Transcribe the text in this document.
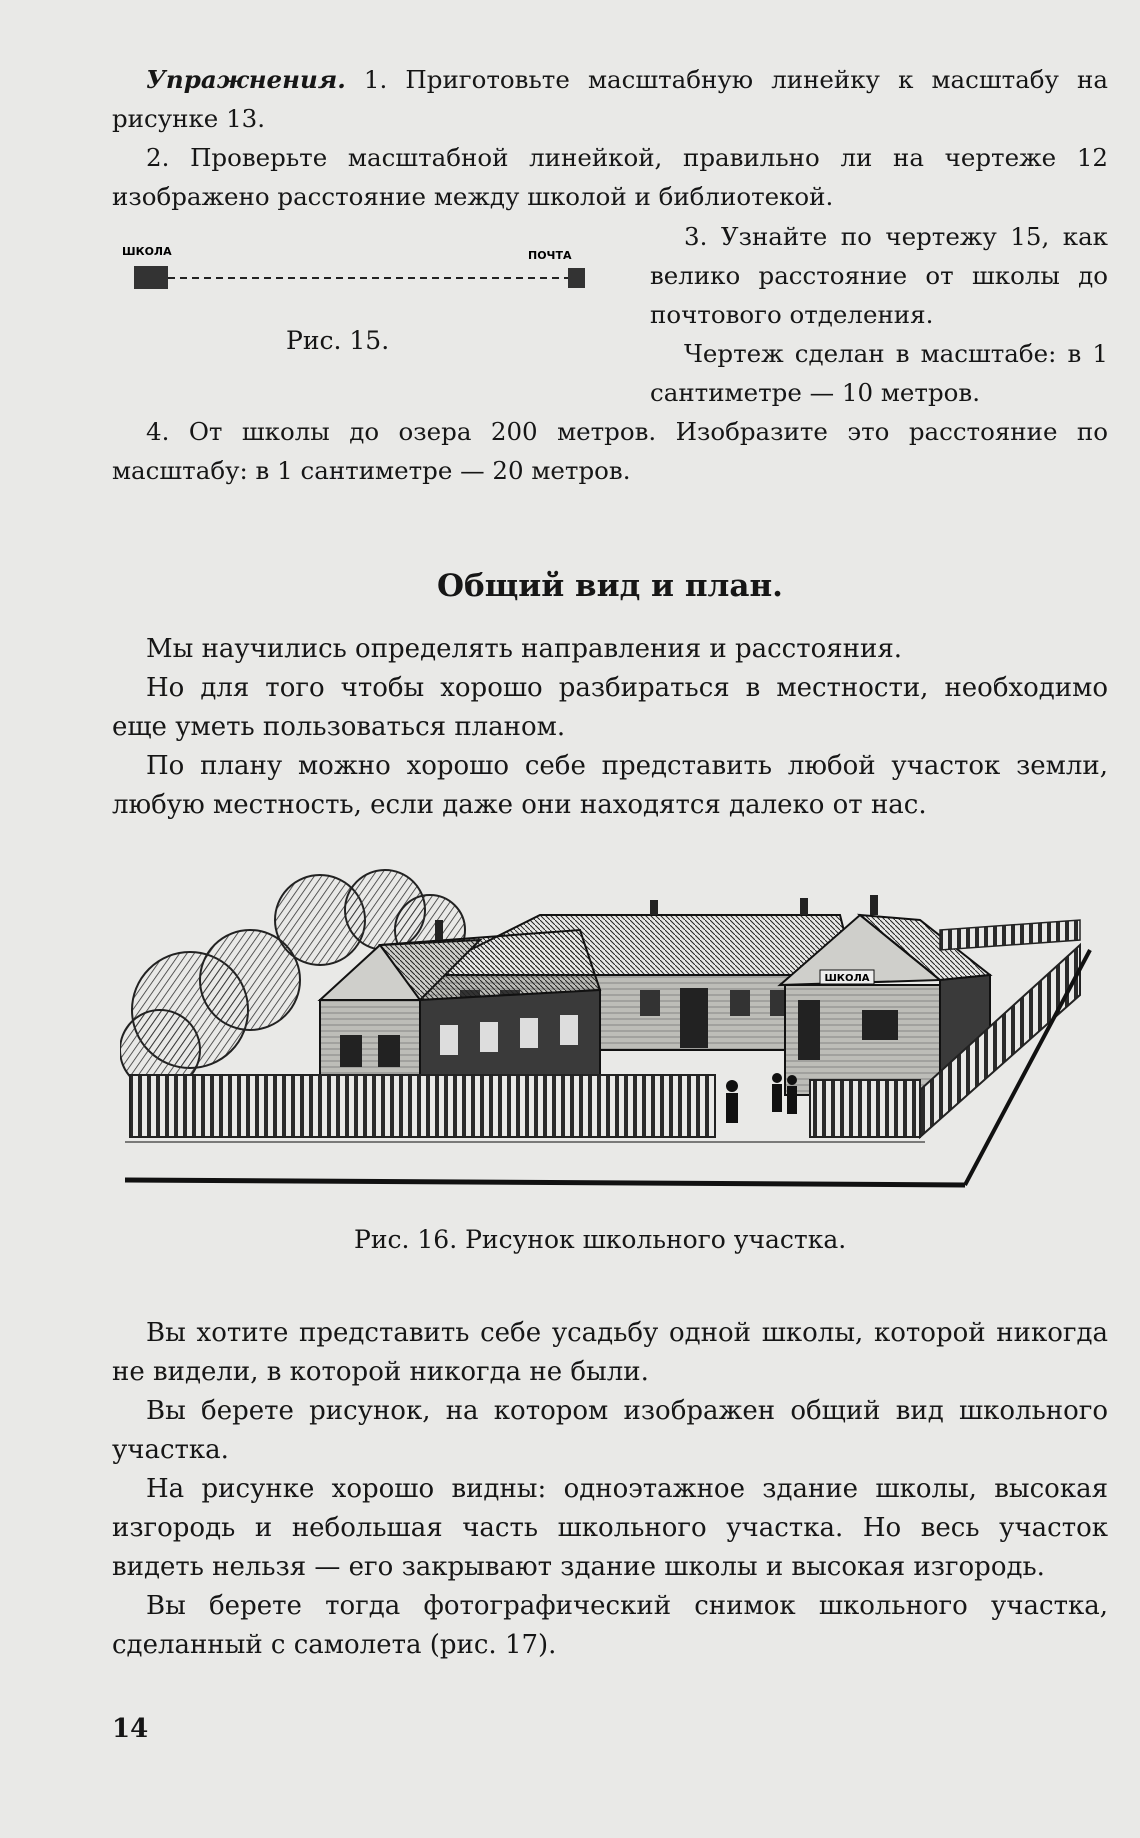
Упражнения. 1. Приготовьте масштабную линейку к масштабу на рисунке 13.

2. Проверьте масштабной линейкой, правильно ли на чертеже 12 изображено расстояние между школой и библиотекой.

ШКОЛА	ПОЧТА

Рис. 15.

3. Узнайте по чертежу 15, как велико расстояние от школы до почтового отделения.

Чертеж сделан в масштабе: в 1 сантиметре — 10 метров.

4. От школы до озера 200 метров. Изобразите это расстояние по масштабу: в 1 сантиметре — 20 метров.

Общий вид и план.

Мы научились определять направления и расстояния.

Но для того чтобы хорошо разбираться в местности, необходимо еще уметь пользоваться планом.

По плану можно хорошо себе представить любой участок земли, любую местность, если даже они находятся далеко от нас.

ШКОЛА

Рис. 16. Рисунок школьного участка.

Вы хотите представить себе усадьбу одной школы, которой никогда не видели, в которой никогда не были.

Вы берете рисунок, на котором изображен общий вид школьного участка.

На рисунке хорошо видны: одноэтажное здание школы, высокая изгородь и небольшая часть школьного участка. Но весь участок видеть нельзя — его закрывают здание школы и высокая изгородь.

Вы берете тогда фотографический снимок школьного участка, сделанный с самолета (рис. 17).

14
